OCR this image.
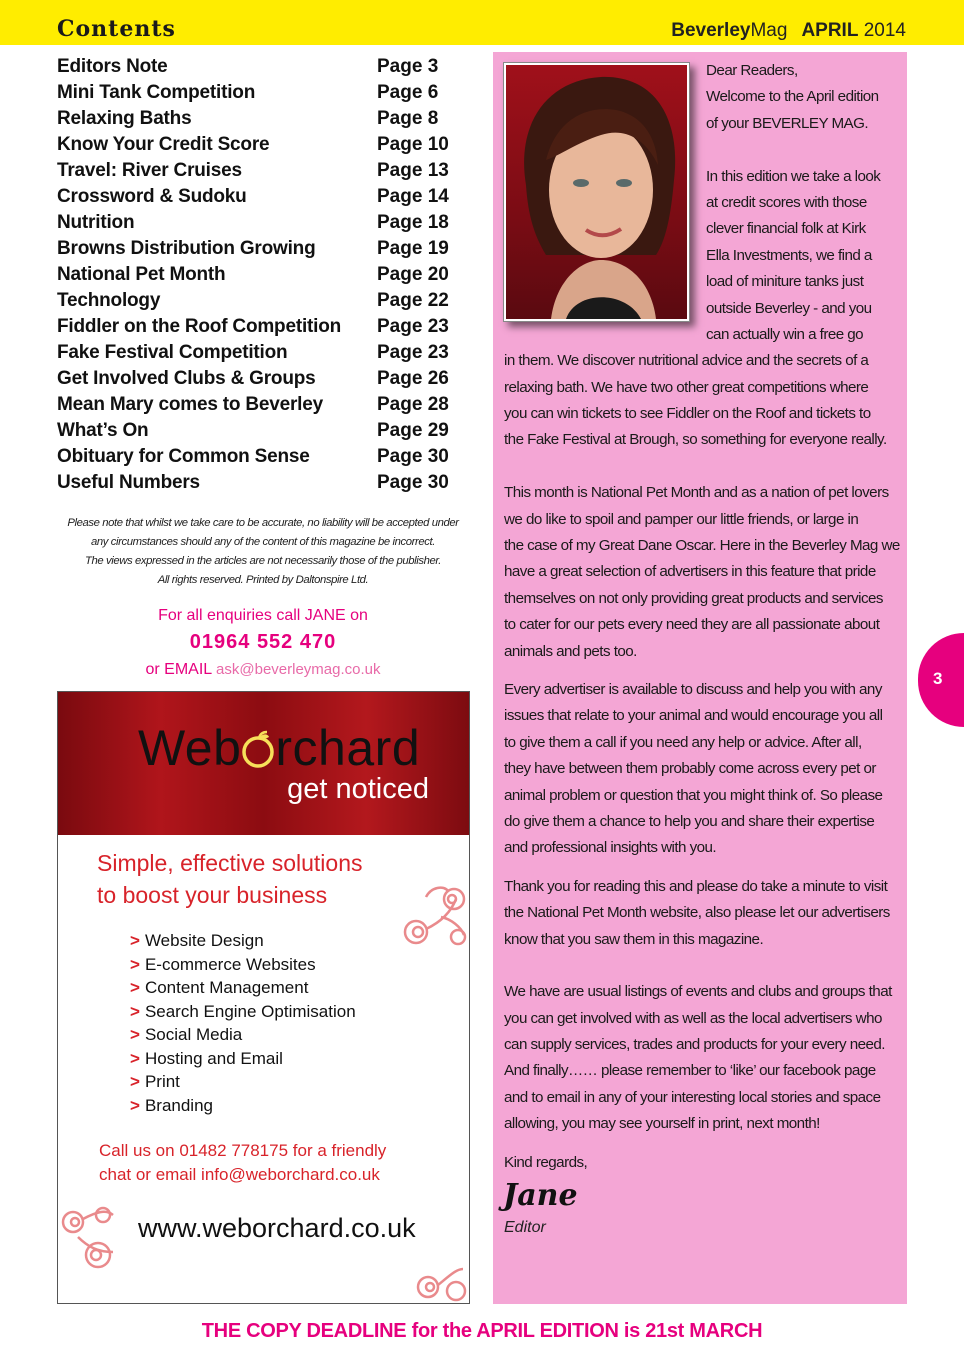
Contents	BeverleyMag APRIL 2014
Editors Note	Page 3
Mini Tank Competition	Page 6
Relaxing Baths	Page 8
Know Your Credit Score	Page 10
Travel: River Cruises	Page 13
Crossword & Sudoku	Page 14
Nutrition	Page 18
Browns Distribution Growing	Page 19
National Pet Month	Page 20
Technology	Page 22
Fiddler on the Roof Competition	Page 23
Fake Festival Competition	Page 23
Get Involved Clubs & Groups	Page 26
Mean Mary comes to Beverley	Page 28
What’s On	Page 29
Obituary for Common Sense	Page 30
Useful Numbers	Page 30
Please note that whilst we take care to be accurate, no liability will be accepted under
any circumstances should any of the content of this magazine be incorrect.
The views expressed in the articles are not necessarily those of the publisher.
All rights reserved. Printed by Daltonspire Ltd.
For all enquiries call JANE on
01964 552 470
or EMAIL ask@beverleymag.co.uk
Web rchard
get noticed
Simple, effective solutions
to boost your business
> Website Design
> E-commerce Websites
> Content Management
> Search Engine Optimisation
> Social Media
> Hosting and Email
> Print
> Branding
Call us on 01482 778175 for a friendly
chat or email info@weborchard.co.uk
www.weborchard.co.uk
Dear Readers,
Welcome to the April edition
of your BEVERLEY MAG.
In this edition we take a look
at credit scores with those
clever financial folk at Kirk
Ella Investments, we find a
load of miniture tanks just
outside Beverley - and you
can actually win a free go
in them. We discover nutritional advice and the secrets of a
relaxing bath. We have two other great competitions where
you can win tickets to see Fiddler on the Roof and tickets to
the Fake Festival at Brough, so something for everyone really.
This month is National Pet Month and as a nation of pet lovers
we do like to spoil and pamper our little friends, or large in
the case of my Great Dane Oscar. Here in the Beverley Mag we
have a great selection of advertisers in this feature that pride
themselves on not only providing great products and services
to cater for our pets every need they are all passionate about
animals and pets too.
Every advertiser is available to discuss and help you with any
issues that relate to your animal and would encourage you all
to give them a call if you need any help or advice. After all,
they have between them probably come across every pet or
animal problem or question that you might think of. So please
do give them a chance to help you and share their expertise
and professional insights with you.
Thank you for reading this and please do take a minute to visit
the National Pet Month website, also please let our advertisers
know that you saw them in this magazine.
We have are usual listings of events and clubs and groups that
you can get involved with as well as the local advertisers who
can supply services, trades and products for your every need.
And finally…… please remember to ‘like’ our facebook page
and to email in any of your interesting local stories and space
allowing, you may see yourself in print, next month!
Kind regards,
Jane
Editor
3
THE COPY DEADLINE for the APRIL EDITION is 21st MARCH
